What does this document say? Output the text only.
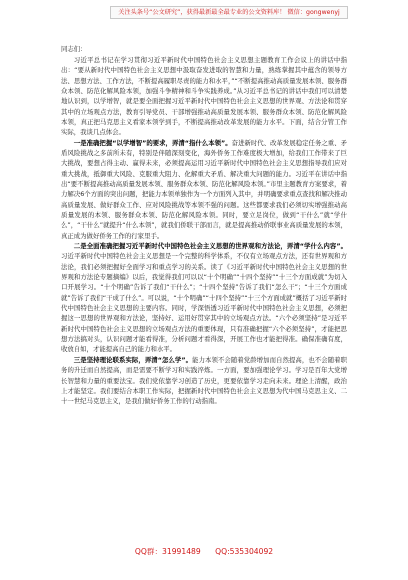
关注头条号“公文研究”，获得最新最全最专业的公文资料库！ 微信：gongwenyj

同志们：

习近平总书记在学习贯彻习近平新时代中国特色社会主义思想主题教育工作会议上的讲话中指出：“要从新时代中国特色社会主义思想中汲取奋发进取的智慧和力量，熟练掌握其中蕴含的领导方法、思想方法、工作方法，不断提高履职尽责的能力和水平，”“不断提高推动高质量发展本领、服务群众本领、防范化解风险本领，加强斗争精神和斗争实践养成。”从习近平总书记的讲话中我们可以清楚地认识到，以学增智，就是要全面把握习近平新时代中国特色社会主义思想的世界观、方法论和贯穿其中的立场观点方法，教育引导党员、干部增强推动高质量发展本领、服务群众本领、防范化解风险本领，真正把马克思主义看家本领学到手，不断提高推动改革发展的能力水平。下面，结合分管工作实际，我谈几点体会。

一是准确把握“以学增智”的要求，弄清“指什么本领”。奋进新时代、改革发展稳定任务之重、矛盾风险挑战之多前所未有，特别是伴随深刻变化，海外侨务工作难度极大增加，给我们工作带来了巨大挑战，要想占得主动、赢得未来，必须提高运用习近平新时代中国特色社会主义思想指导我们应对重大挑战，抵御重大风险、克服重大阻力、化解重大矛盾、解决重大问题的能力。习近平在讲话中指出“要不断提高推动高质量发展本领、服务群众本领、防范化解风险本领。”市里主题教育方案要求，着力解决6个方面的突出问题，把能力本领单独作为一个方面列入其中，并明确要求重点查找和解决推动高质量发展、做好群众工作、应对风险挑战等本领不强的问题。这些都要求我们必须切实增强推动高质量发展的本领、服务群众本领、防范化解风险本领。同时，要立足岗位，做到“干什么”就“学什么”，“干什么”就提升“什么本领”，就我们侨联干部而言，就是提高推动侨联事业高质量发展的本领，真正成为做好侨务工作的行家里手。

二是全面准确把握习近平新时代中国特色社会主义思想的世界观和方法论，弄清“学什么内容”。习近平新时代中国特色社会主义思想是一个完整的科学体系，不仅有立场观点方法，还有世界观和方法论，我们必须把握好全面学习和重点学习的关系。读了《习近平新时代中国特色社会主义思想的世界观和方法论专题摘编》以后，我觉得我们可以以“十个明确”“十四个坚持”“十三个方面成就”为切入口开展学习。“十个明确”告诉了我们“干什么”；“十四个坚持”告诉了我们“怎么干”；“十三个方面成就”告诉了我们“干成了什么”。可以说，“十个明确”“十四个坚持”“十三个方面成就”概括了习近平新时代中国特色社会主义思想的主要内容。同时，学深悟透习近平新时代中国特色社会主义思想，必须把握这一思想的世界观和方法论，坚持好、运用好贯穿其中的立场观点方法。“六个必须坚持”是习近平新时代中国特色社会主义思想的立场观点方法的重要体现，只有准确把握“六个必须坚持”，才能把思想方法搞对头，认识问题才能看得准，分析问题才看得深，开展工作也才能把得准。确保准确有度，收放自如，才能提高自己的能力和水平。

三是坚持理论联系实际，弄清“怎么学”。能力本领不会随着党龄增加而自然提高，也不会随着职务的升迁而自然提高，而是需要不断学习和实践淬炼。一方面，要加强理论学习。学习是百年大党增长智慧和力量的重要法宝。我们党依靠学习创造了历史，更要依靠学习走向未来。理论上清醒，政治上才能坚定。我们要结合本职工作实际，把握新时代中国特色社会主义思想为代中国马克思主义、二十一世纪马克思主义，是我们做好侨务工作的行动指南。

QQ群：31991489 QQ:535304092
